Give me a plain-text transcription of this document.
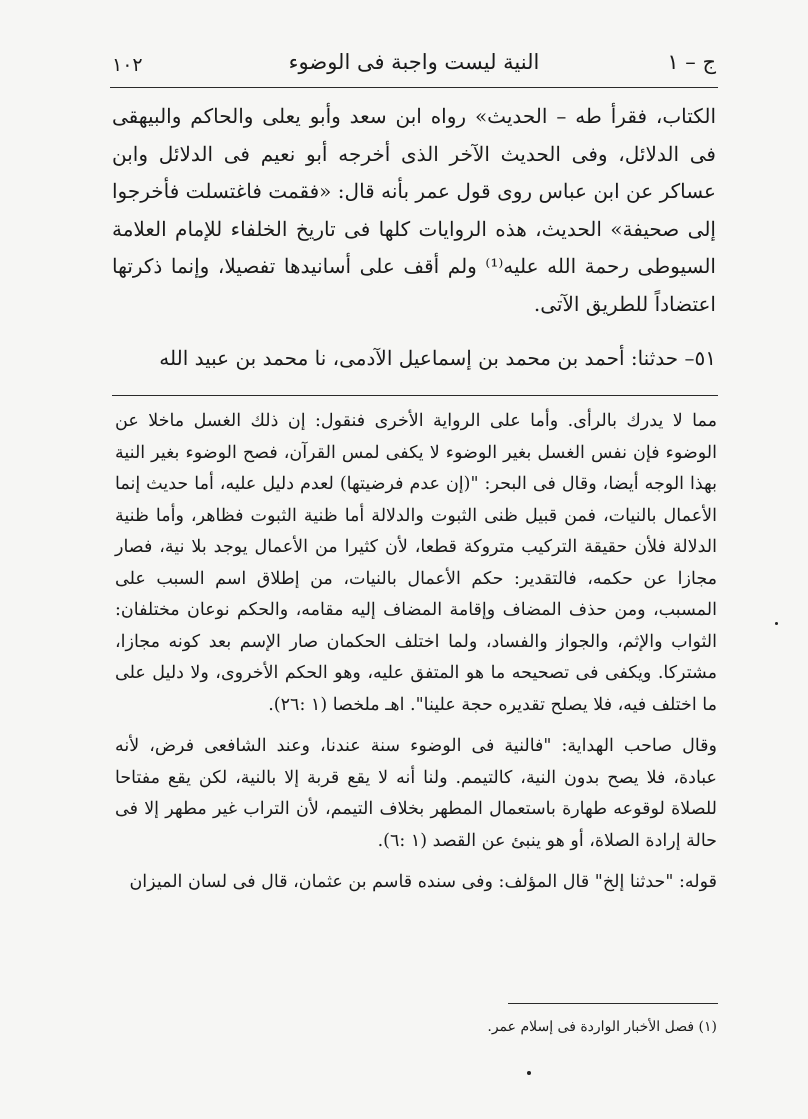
ج – ١
النية ليست واجبة فى الوضوء
١٠٢

الكتاب، فقرأ طه – الحديث» رواه ابن سعد وأبو يعلى والحاكم والبيهقى فى الدلائل، وفى الحديث الآخر الذى أخرجه أبو نعيم فى الدلائل وابن عساكر عن ابن عباس روى قول عمر بأنه قال: «فقمت فاغتسلت فأخرجوا إلى صحيفة» الحديث، هذه الروايات كلها فى تاريخ الخلفاء للإمام العلامة السيوطى رحمة الله عليه⁽¹⁾ ولم أقف على أسانيدها تفصيلا، وإنما ذكرتها اعتضاداً للطريق الآتى.

٥١– حدثنا: أحمد بن محمد بن إسماعيل الآدمى، نا محمد بن عبيد الله

مما لا يدرك بالرأى. وأما على الرواية الأخرى فنقول: إن ذلك الغسل ماخلا عن الوضوء فإن نفس الغسل بغير الوضوء لا يكفى لمس القرآن، فصح الوضوء بغير النية بهذا الوجه أيضا، وقال فى البحر: "(إن عدم فرضيتها) لعدم دليل عليه، أما حديث إنما الأعمال بالنيات، فمن قبيل ظنى الثبوت والدلالة أما ظنية الثبوت فظاهر، وأما ظنية الدلالة فلأن حقيقة التركيب متروكة قطعا، لأن كثيرا من الأعمال يوجد بلا نية، فصار مجازا عن حكمه، فالتقدير: حكم الأعمال بالنيات، من إطلاق اسم السبب على المسبب، ومن حذف المضاف وإقامة المضاف إليه مقامه، والحكم نوعان مختلفان: الثواب والإثم، والجواز والفساد، ولما اختلف الحكمان صار الإسم بعد كونه مجازا، مشتركا. ويكفى فى تصحيحه ما هو المتفق عليه، وهو الحكم الأخروى، ولا دليل على ما اختلف فيه، فلا يصلح تقديره حجة علينا". اهـ ملخصا (١ :٢٦).

وقال صاحب الهداية: "فالنية فى الوضوء سنة عندنا، وعند الشافعى فرض، لأنه عبادة، فلا يصح بدون النية، كالتيمم. ولنا أنه لا يقع قربة إلا بالنية، لكن يقع مفتاحا للصلاة لوقوعه طهارة باستعمال المطهر بخلاف التيمم، لأن التراب غير مطهر إلا فى حالة إرادة الصلاة، أو هو ينبئ عن القصد (١ :٦).

قوله: "حدثنا إلخ" قال المؤلف: وفى سنده قاسم بن عثمان، قال فى لسان الميزان

(١) فصل الأخبار الواردة فى إسلام عمر.
